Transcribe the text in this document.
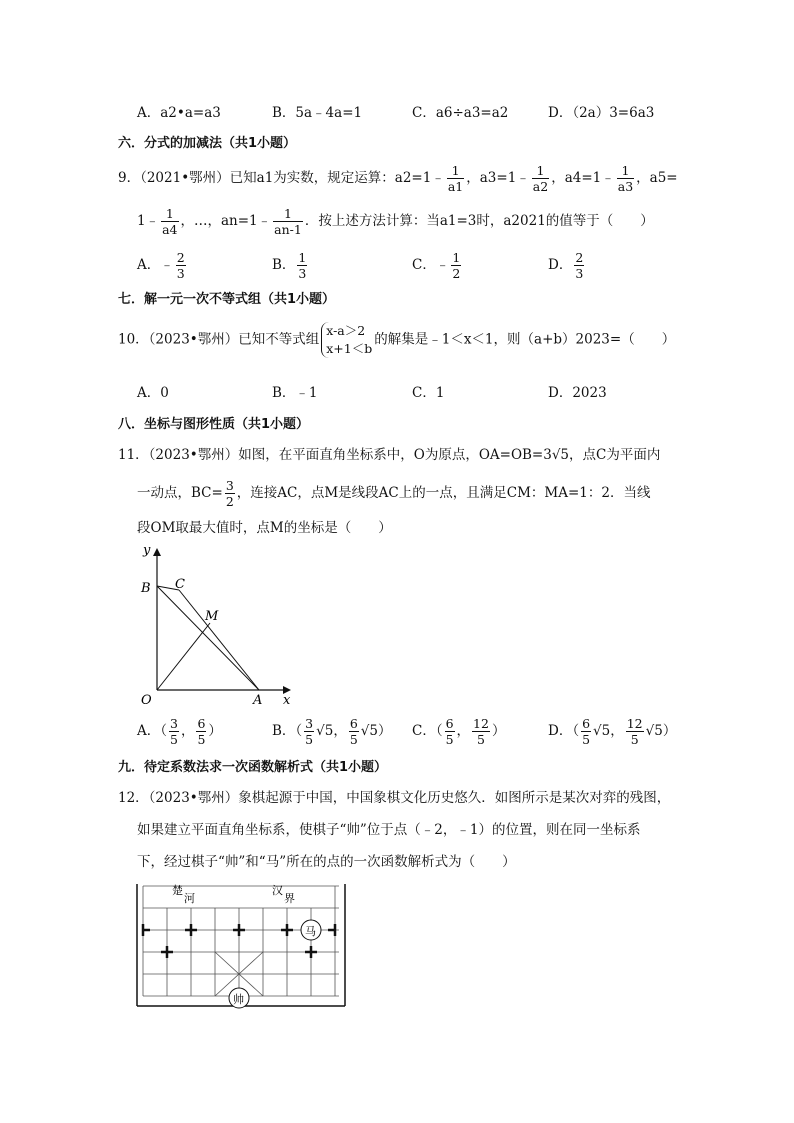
A．a2•a=a3	B．5a﹣4a=1	C．a6÷a3=a2	D．（2a）3=6a3
六．分式的加减法（共1小题）
9．（2021•鄂州）已知a1为实数，规定运算：a2=1﹣ $\frac{1}{a1}$ ，a3=1﹣ $\frac{1}{a2}$ ，a4=1﹣ $\frac{1}{a3}$ ，a5=
1﹣ $\frac{1}{a4}$ ，…，an=1﹣ $\frac{1}{an-1}$ ．按上述方法计算：当a1=3时，a2021的值等于（　　）
A．﹣ $\frac{2}{3}$	B． $\frac{1}{3}$	C．﹣ $\frac{1}{2}$	D． $\frac{2}{3}$
七．解一元一次不等式组（共1小题）
10．（2023•鄂州）已知不等式组
x-a＞2
x+1＜b
的解集是﹣1＜x＜1，则（a+b）2023=（　　）
A．0	B．﹣1	C．1	D．2023
八．坐标与图形性质（共1小题）
11．（2023•鄂州）如图，在平面直角坐标系中，O为原点，OA=OB=3√5，点C为平面内
一动点，$BC= \frac{3}{2}$ ，连接AC，点M是线段AC上的一点，且满足CM：MA=1：2．当线
段OM取最大值时，点M的坐标是（　　）
y
x
B C
M
O	A
A．（ $\frac{3}{5}$ ， $\frac{6}{5}$ ）	B．（ $\frac{3}{5} √5$， $\frac{6}{5} √5$） C．（ $\frac{6}{5}$ ， $\frac{12}{5}$ ）	D．（ $\frac{6}{5} √5$， $\frac{12}{5} √5$）
九．待定系数法求一次函数解析式（共1小题）
12．（2023•鄂州）象棋起源于中国，中国象棋文化历史悠久．如图所示是某次对弈的残图，
如果建立平面直角坐标系，使棋子“帅”位于点（﹣2，﹣1）的位置，则在同一坐标系
下，经过棋子“帅”和“马”所在的点的一次函数解析式为（　　）
楚
河
汉
界
马
帅
